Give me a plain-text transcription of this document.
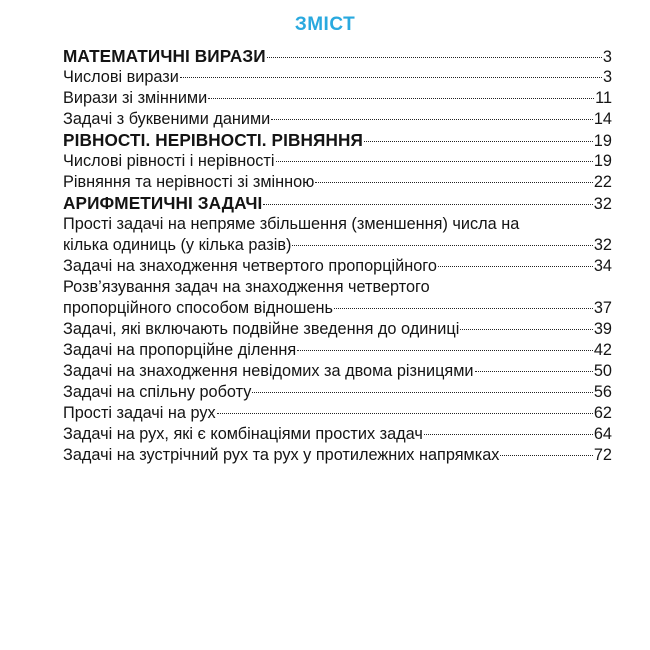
ЗМІСТ
МАТЕМАТИЧНІ ВИРАЗИ	3
Числові вирази	3
Вирази зі змінними	11
Задачі з буквеними даними	14
РІВНОСТІ. НЕРІВНОСТІ. РІВНЯННЯ	19
Числові рівності і нерівності	19
Рівняння та нерівності зі змінною	22
АРИФМЕТИЧНІ ЗАДАЧІ	32
Прості задачі на непряме збільшення (зменшення) числа на
кілька одиниць (у кілька разів)	32
Задачі на знаходження четвертого пропорційного	34
Розв’язування задач на знаходження четвертого
пропорційного способом відношень	37
Задачі, які включають подвійне зведення до одиниці	39
Задачі на пропорційне ділення	42
Задачі на знаходження невідомих за двома різницями	50
Задачі на спільну роботу	56
Прості задачі на рух	62
Задачі на рух, які є комбінаціями простих задач	64
Задачі на зустрічний рух та рух у протилежних напрямках	72
